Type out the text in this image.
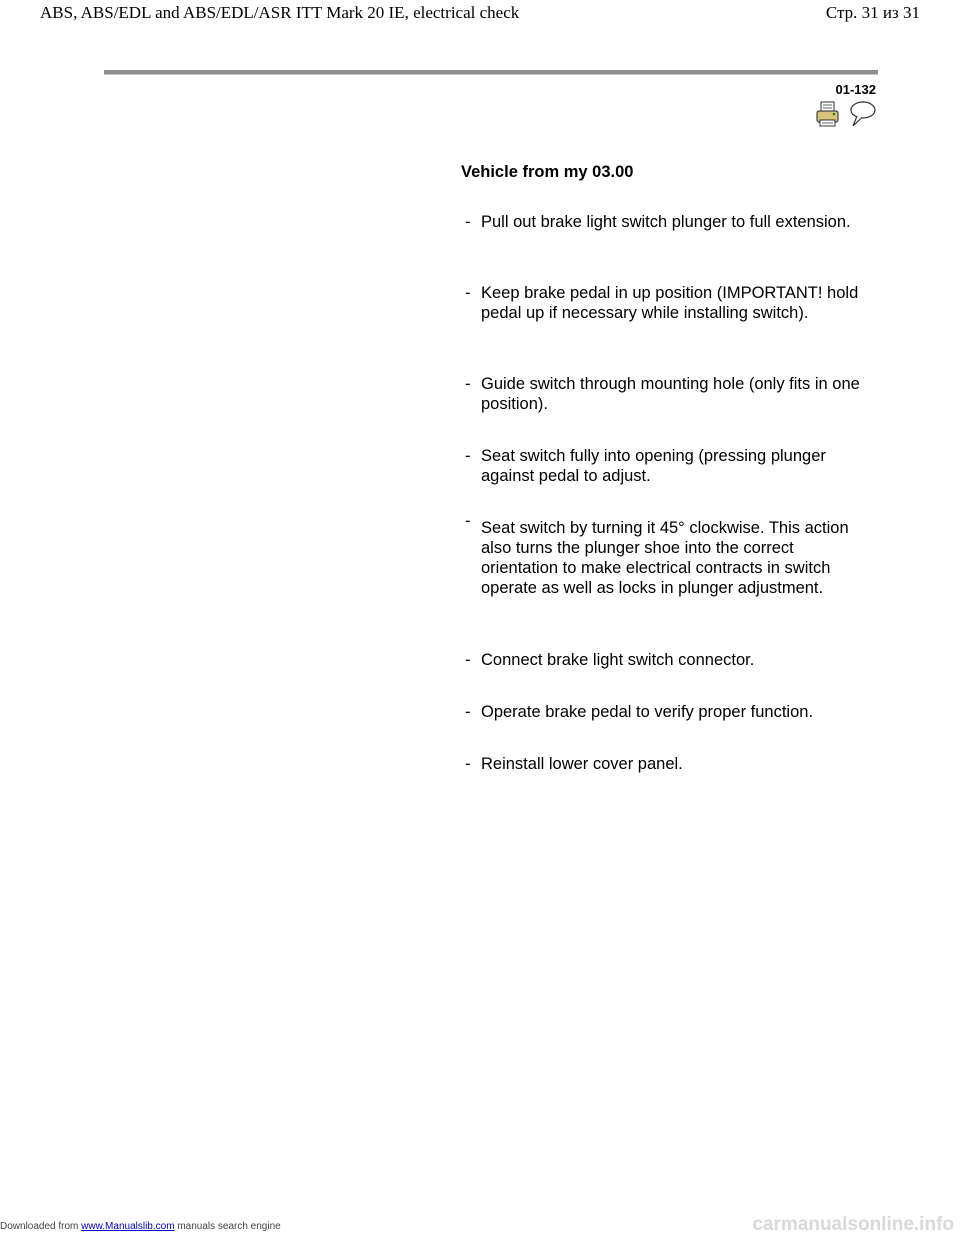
ABS, ABS/EDL and ABS/EDL/ASR ITT Mark 20 IE, electrical check	Стр. 31 из 31
01-132
Vehicle from my 03.00
- Pull out brake light switch plunger to full extension.
- Keep brake pedal in up position (IMPORTANT! hold pedal up if necessary while installing switch).
- Guide switch through mounting hole (only fits in one position).
- Seat switch fully into opening (pressing plunger against pedal to adjust.
- Seat switch by turning it 45° clockwise. This action also turns the plunger shoe into the correct orientation to make electrical contracts in switch operate as well as locks in plunger adjustment.
- Connect brake light switch connector.
- Operate brake pedal to verify proper function.
- Reinstall lower cover panel.
Downloaded from www.Manualslib.com manuals search engine	carmanualsonline.info
